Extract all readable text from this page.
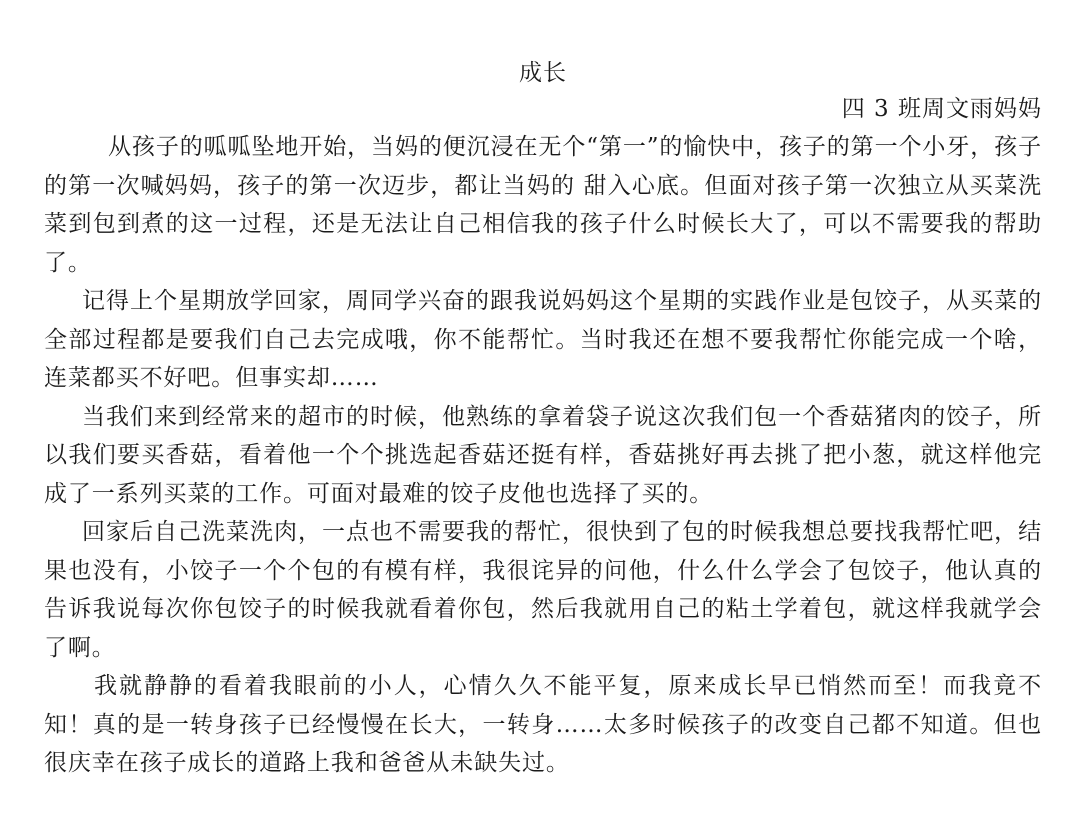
成长

四 3 班周文雨妈妈

从孩子的呱呱坠地开始，当妈的便沉浸在无个“第一”的愉快中，孩子的第一个小牙，孩子的第一次喊妈妈，孩子的第一次迈步，都让当妈的 甜入心底。但面对孩子第一次独立从买菜洗菜到包到煮的这一过程，还是无法让自己相信我的孩子什么时候长大了，可以不需要我的帮助了。

记得上个星期放学回家，周同学兴奋的跟我说妈妈这个星期的实践作业是包饺子，从买菜的全部过程都是要我们自己去完成哦，你不能帮忙。当时我还在想不要我帮忙你能完成一个啥，连菜都买不好吧。但事实却……

当我们来到经常来的超市的时候，他熟练的拿着袋子说这次我们包一个香菇猪肉的饺子，所以我们要买香菇，看着他一个个挑选起香菇还挺有样，香菇挑好再去挑了把小葱，就这样他完成了一系列买菜的工作。可面对最难的饺子皮他也选择了买的。

回家后自己洗菜洗肉，一点也不需要我的帮忙，很快到了包的时候我想总要找我帮忙吧，结果也没有，小饺子一个个包的有模有样，我很诧异的问他，什么什么学会了包饺子，他认真的告诉我说每次你包饺子的时候我就看着你包，然后我就用自己的粘土学着包，就这样我就学会了啊。

我就静静的看着我眼前的小人，心情久久不能平复，原来成长早已悄然而至！而我竟不知！真的是一转身孩子已经慢慢在长大，一转身……太多时候孩子的改变自己都不知道。但也很庆幸在孩子成长的道路上我和爸爸从未缺失过。
